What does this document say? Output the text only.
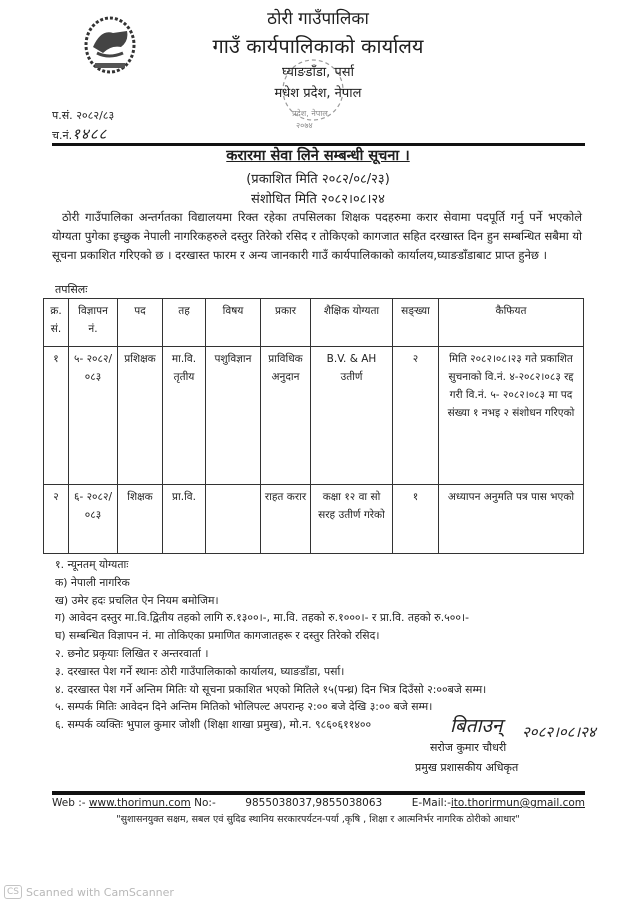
ठोरी गाउँपालिका
गाउँ कार्यपालिकाको कार्यालय
प्रदेश, नेपाल
२०७४
घ्याङडाँडा, पर्सा
मधेश प्रदेश, नेपाल
प.सं. २०८२/८३
च.नं.१४८८
करारमा सेवा लिने सम्बन्धी सूचना ।
(प्रकाशित मिति २०८२/०८/२३)
संशोधित मिति २०८२।०८।२४
ठोरी गाउँपालिका अन्तर्गतका विद्यालयमा रिक्त रहेका तपसिलका शिक्षक पदहरुमा करार सेवामा पदपूर्ति गर्नु पर्ने भएकोले योग्यता पुगेका इच्छुक नेपाली नागरिकहरुले दस्तुर तिरेको रसिद र तोकिएको कागजात सहित दरखास्त दिन हुन सम्बन्धित सबैमा यो सूचना प्रकाशित गरिएको छ । दरखास्त फारम र अन्य जानकारी गाउँ कार्यपालिकाको कार्यालय,घ्याङडाँडाबाट प्राप्त हुनेछ ।
तपसिलः
क्र. सं.	विज्ञापन नं.	पद	तह	विषय	प्रकार	शैक्षिक योग्यता	सङ्ख्या	कैफियत
१	५- २०८२/ ०८३	प्रशिक्षक	मा.वि. तृतीय	पशुविज्ञान	प्राविधिक अनुदान	B.V. & AH उतीर्ण	२	मिति २०८२।०८।२३ गते प्रकाशित सुचनाको वि.नं. ४-२०८२।०८३ रद्द गरी वि.नं. ५- २०८२।०८३ मा पद संख्या १ नभइ २ संशोधन गरिएको
२	६- २०८२/ ०८३	शिक्षक	प्रा.वि.		राहत करार	कक्षा १२ वा सो सरह उतीर्ण गरेको	१	अध्यापन अनुमति पत्र पास भएको
१. न्यूनतम् योग्यताः
क) नेपाली नागरिक
ख) उमेर हदः प्रचलित ऐन नियम बमोजिम।
ग) आवेदन दस्तुर मा.वि.द्वितीय तहको लागि रु.१३००।-, मा.वि. तहको रु.१०००।- र प्रा.वि. तहको रु.५००।-
घ) सम्बन्धित विज्ञापन नं. मा तोकिएका प्रमाणित कागजातहरू र दस्तुर तिरेको रसिद।
२. छनोट प्रकृयाः लिखित र अन्तरवार्ता ।
३. दरखास्त पेश गर्ने स्थानः ठोरी गाउँपालिकाको कार्यालय, घ्याङडाँडा, पर्सा।
४. दरखास्त पेश गर्ने अन्तिम मितिः यो सूचना प्रकाशित भएको मितिले १५(पन्ध्र) दिन भित्र दिउँसो २:००बजे सम्म।
५. सम्पर्क मितिः आवेदन दिने अन्तिम मितिको भोलिपल्ट अपरान्ह २:०० बजे देखि ३:०० बजे सम्म।
६. सम्पर्क व्यक्तिः भुपाल कुमार जोशी (शिक्षा शाखा प्रमुख), मो.न. ९८६०६११४००	बिताउन् २०८२।०८।२४
सरोज कुमार चौधरी
प्रमुख प्रशासकीय अधिकृत
Web :- www.thorimun.com No:-	9855038037,9855038063	E-Mail:-ito.thorirmun@gmail.com
"सुशासनयुक्त सक्षम, सबल एवं सुदिढ स्थानिय सरकारपर्यटन-पर्या ,कृषि , शिक्षा र आत्मनिर्भर नागरिक ठोरीको आधार"
CS Scanned with CamScanner
